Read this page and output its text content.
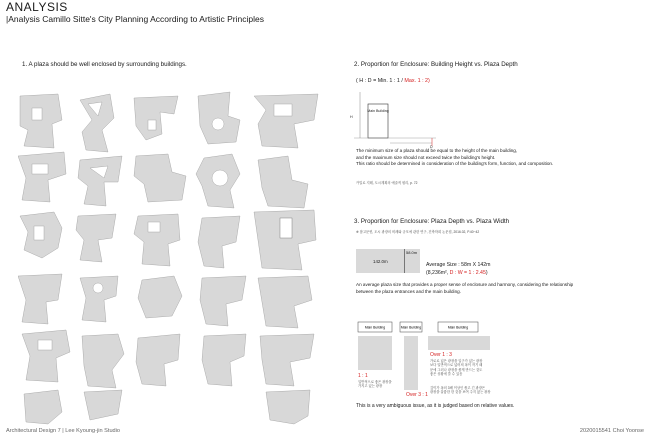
ANALYSIS
|Analysis Camillo Sitte's City Planning According to Artistic Principles
1. A plaza should be well enclosed by surrounding buildings.	2. Proportion for Enclosure: Building Height vs. Plaza Depth
( H : D = Min. 1 : 1 / Max. 1 : 2)
Main Building
H
D
The minimum size of a plaza should be equal to the height of the main building,
and the maximum size should not exceed twice the building's height.
This ratio should be determined in consideration of the building's form, function, and composition.
카밀로 지테, 도시계획의 예술적 원리, p. 72
3. Proportion for Enclosure: Plaza Depth vs. Plaza Width
※ 참고문헌, 도시 광장의 비례와 규모에 관한 연구, 건축학회 논문집, 2016.02, P.40~42
142.0m
58.0m
Average Size : 58m X 142m
(8,236m², D : W = 1 : 2.45)
An average plaza size that provides a proper sense of enclosure and harmony, considering the relationship
between the plaza entrances and the main building.
Main Building	Main Building	Main Building
1 : 1
일반적으로 좋은 광장을
가지고 있는 광장
Over 3 : 1
Over 1 : 3
가로로 넓은 광장을 입구가 있는 광장
보다 일반적으로 넓어져 폭이 작기 때
문에 그러나 광장을 좁게 만드는 것도
좋은 상황에 쓸 수 있음
깊이가 폭의 3배 이상인 좁고 긴 광장은
광장을 휼륭한 한 것을 보여 주지 않는 광장
This is a very ambiguous issue, as it is judged based on relative values.
Architectural Design 7 | Lee Kyoung-jin Studio	2020015541 Choi Yoonse
